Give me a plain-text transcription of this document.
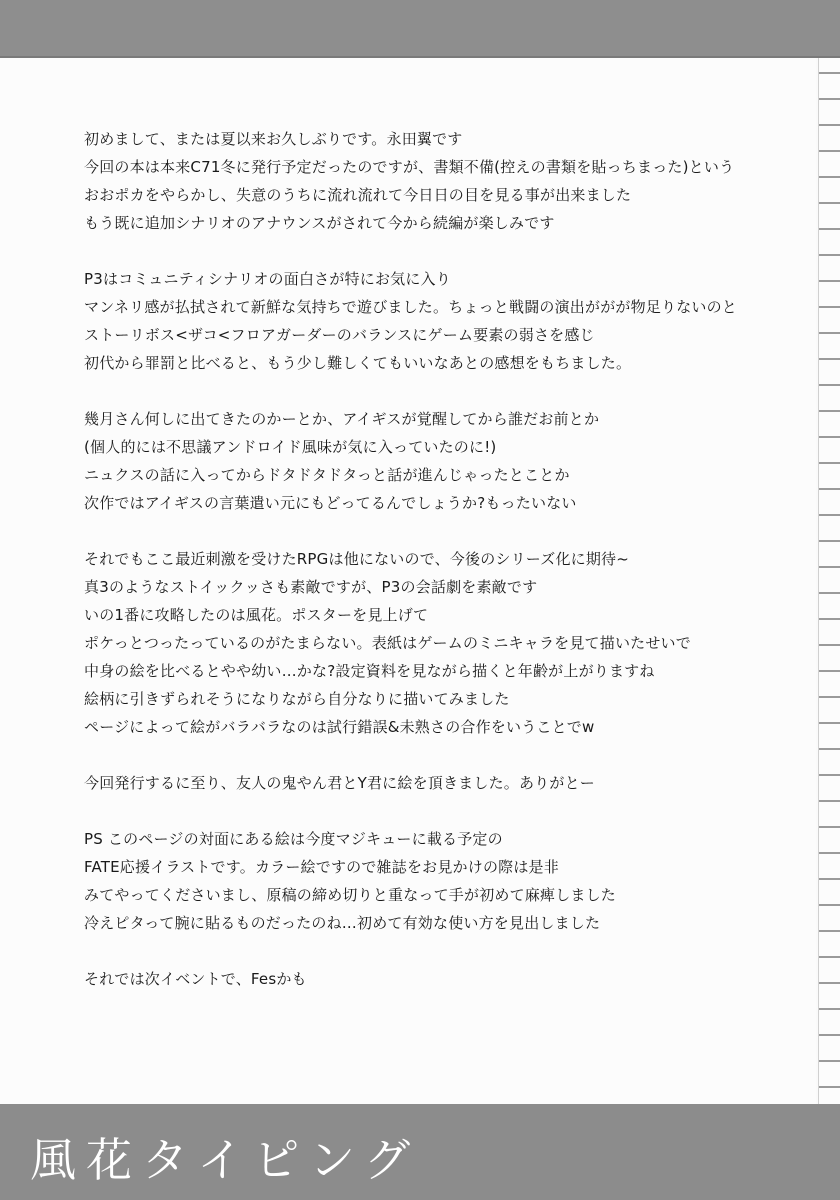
初めまして、または夏以来お久しぶりです。永田翼です
今回の本は本来C71冬に発行予定だったのですが、書類不備(控えの書類を貼っちまった)という
おおポカをやらかし、失意のうちに流れ流れて今日日の目を見る事が出来ました
もう既に追加シナリオのアナウンスがされて今から続編が楽しみです
P3はコミュニティシナリオの面白さが特にお気に入り
マンネリ感が払拭されて新鮮な気持ちで遊びました。ちょっと戦闘の演出ががが物足りないのと
ストーリボス<ザコ<フロアガーダーのバランスにゲーム要素の弱さを感じ
初代から罪罰と比べると、もう少し難しくてもいいなあとの感想をもちました。
幾月さん何しに出てきたのかーとか、アイギスが覚醒してから誰だお前とか
(個人的には不思議アンドロイド風味が気に入っていたのに!)
ニュクスの話に入ってからドタドタドタっと話が進んじゃったとことか
次作ではアイギスの言葉遣い元にもどってるんでしょうか?もったいない
それでもここ最近刺激を受けたRPGは他にないので、今後のシリーズ化に期待~
真3のようなストイックッさも素敵ですが、P3の会話劇を素敵です
いの1番に攻略したのは風花。ポスターを見上げて
ポケっとつったっているのがたまらない。表紙はゲームのミニキャラを見て描いたせいで
中身の絵を比べるとやや幼い…かな?設定資料を見ながら描くと年齢が上がりますね
絵柄に引きずられそうになりながら自分なりに描いてみました
ページによって絵がバラバラなのは試行錯誤&未熟さの合作をいうことでw
今回発行するに至り、友人の鬼やん君とY君に絵を頂きました。ありがとー
PS このページの対面にある絵は今度マジキューに載る予定の
FATE応援イラストです。カラー絵ですので雑誌をお見かけの際は是非
みてやってくださいまし、原稿の締め切りと重なって手が初めて麻痺しました
冷えピタって腕に貼るものだったのね…初めて有効な使い方を見出しました
それでは次イベントで、Fesかも
風花タイピング
